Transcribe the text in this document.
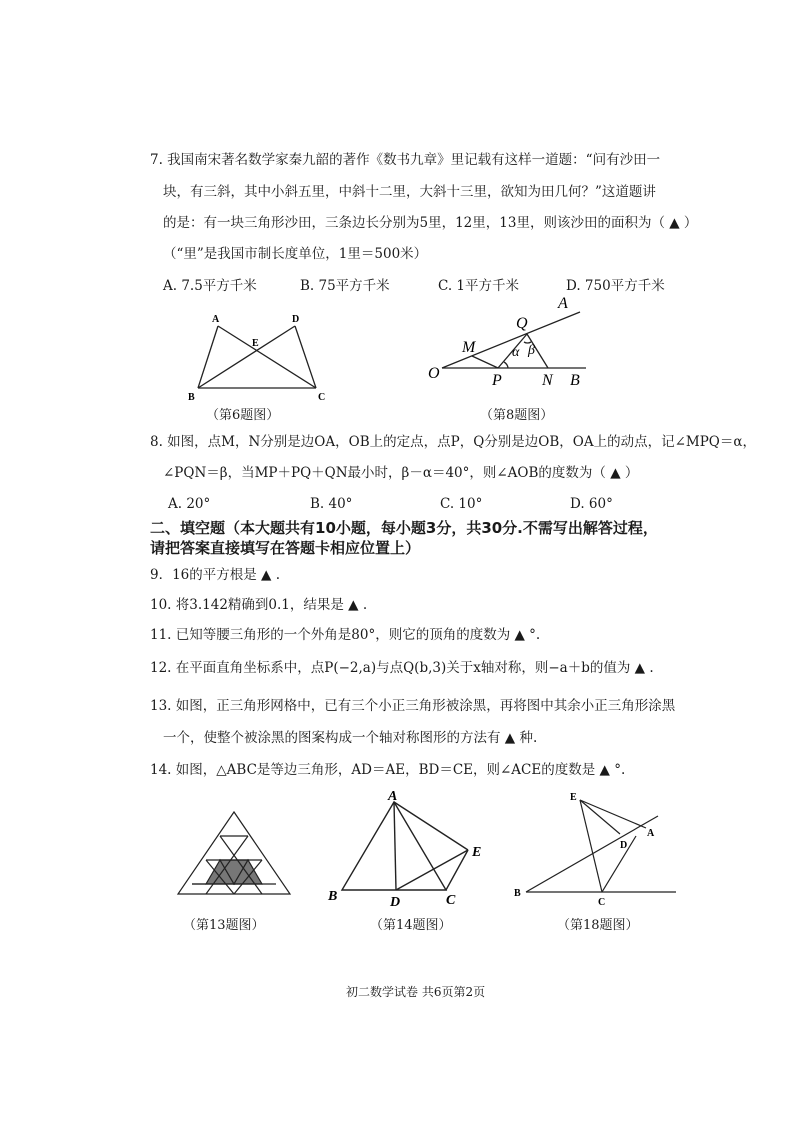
7. 我国南宋著名数学家秦九韶的著作《数书九章》里记载有这样一道题：“问有沙田一
块，有三斜，其中小斜五里，中斜十二里，大斜十三里，欲知为田几何？”这道题讲
的是：有一块三角形沙田，三条边长分别为5里，12里，13里，则该沙田的面积为（ ▲ ）
（“里”是我国市制长度单位，1里＝500米）
A. 7.5平方千米	B. 75平方千米	C. 1平方千米	D. 750平方千米
A	D
E
B	C
（第6题图）
A
Q
M	α β
O	P	N B
（第8题图）
8. 如图，点M，N分别是边OA，OB上的定点，点P，Q分别是边OB，OA上的动点，记∠MPQ＝α，
∠PQN＝β，当MP＋PQ＋QN最小时，β－α＝40°，则∠AOB的度数为（ ▲ ）
A. 20°	B. 40°	C. 10°	D. 60°
二、填空题（本大题共有10小题，每小题3分，共30分.不需写出解答过程，
请把答案直接填写在答题卡相应位置上）
9．16的平方根是 ▲ .
10. 将3.142精确到0.1，结果是 ▲ .
11. 已知等腰三角形的一个外角是80°，则它的顶角的度数为 ▲ °.
12. 在平面直角坐标系中，点P(−2,a)与点Q(b,3)关于x轴对称，则−a＋b的值为 ▲ .
13. 如图，正三角形网格中，已有三个小正三角形被涂黑，再将图中其余小正三角形涂黑
一个，使整个被涂黑的图案构成一个轴对称图形的方法有 ▲ 种.
14. 如图，△ABC是等边三角形，AD＝AE，BD＝CE，则∠ACE的度数是 ▲ °.
（第13题图）
A
B	D	C
E
（第14题图）
E
A
D
B
C
（第18题图）
初二数学试卷 共6页第2页
